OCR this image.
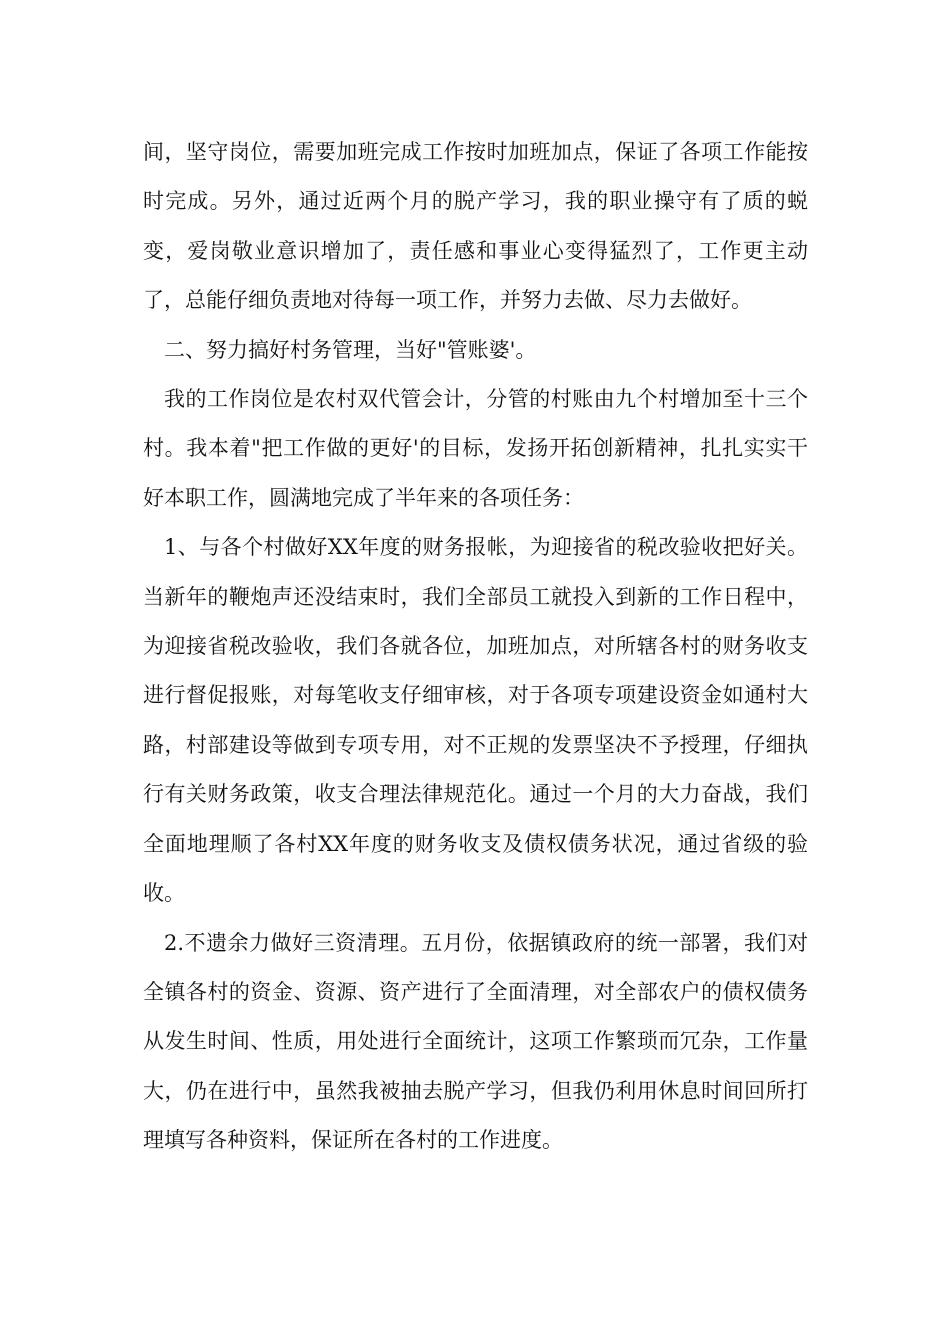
间，坚守岗位，需要加班完成工作按时加班加点，保证了各项工作能按时完成。另外，通过近两个月的脱产学习，我的职业操守有了质的蜕变，爱岗敬业意识增加了，责任感和事业心变得猛烈了，工作更主动了，总能仔细负责地对待每一项工作，并努力去做、尽力去做好。

二、努力搞好村务管理，当好"管账婆'。

我的工作岗位是农村双代管会计，分管的村账由九个村增加至十三个村。我本着"把工作做的更好'的目标，发扬开拓创新精神，扎扎实实干好本职工作，圆满地完成了半年来的各项任务：

1、与各个村做好XX年度的财务报帐，为迎接省的税改验收把好关。当新年的鞭炮声还没结束时，我们全部员工就投入到新的工作日程中，为迎接省税改验收，我们各就各位，加班加点，对所辖各村的财务收支进行督促报账，对每笔收支仔细审核，对于各项专项建设资金如通村大路，村部建设等做到专项专用，对不正规的发票坚决不予授理，仔细执行有关财务政策，收支合理法律规范化。通过一个月的大力奋战，我们全面地理顺了各村XX年度的财务收支及债权债务状况，通过省级的验收。

2.不遗余力做好三资清理。五月份，依据镇政府的统一部署，我们对全镇各村的资金、资源、资产进行了全面清理，对全部农户的债权债务从发生时间、性质，用处进行全面统计，这项工作繁琐而冗杂，工作量大，仍在进行中，虽然我被抽去脱产学习，但我仍利用休息时间回所打理填写各种资料，保证所在各村的工作进度。
